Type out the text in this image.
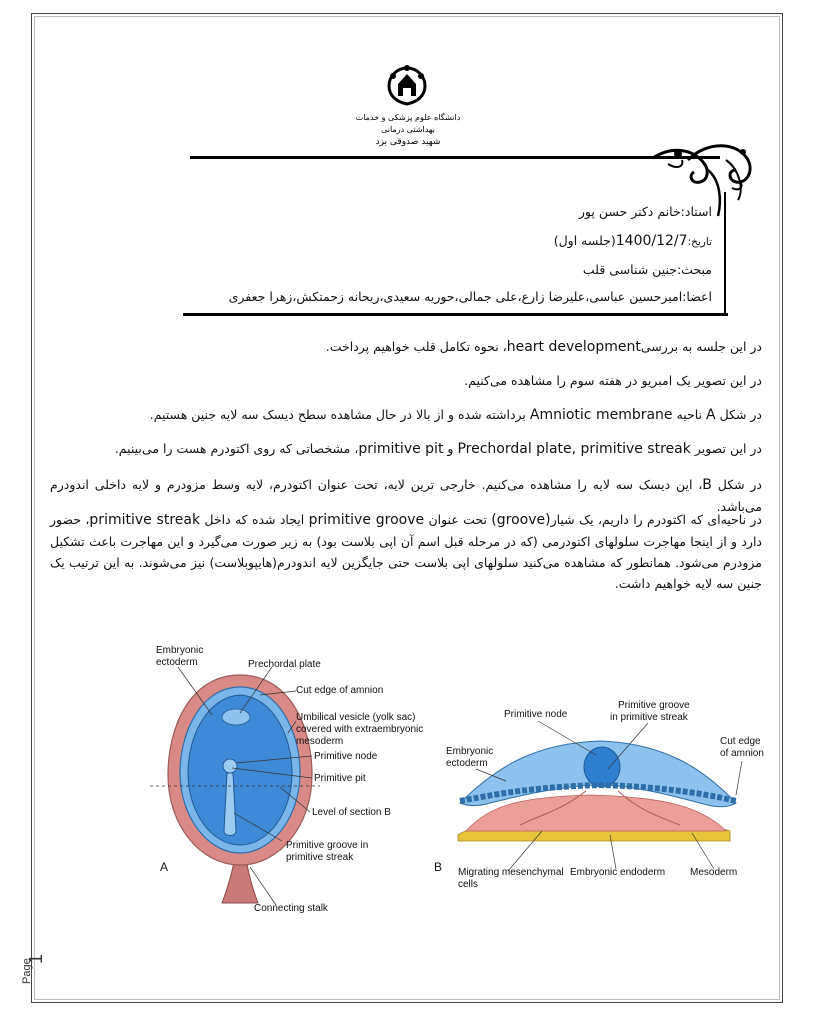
دانشگاه علوم پزشکی و خدمات بهداشتی درمانی
شهید صدوقی یزد
استاد:خانم دکتر حسن پور
تاریخ:1400/12/7(جلسه اول)
مبحث:جنین شناسی قلب
اعضا:امیرحسین عباسی،علیرضا زارع،علی جمالی،حوریه سعیدی،ریحانه زحمتکش،زهرا جعفری
در این جلسه به بررسیheart development، نحوه تکامل قلب خواهیم پرداخت.
در این تصویر یک امبریو در هفته سوم را مشاهده می‌کنیم.
در شکل A ناحیه Amniotic membrane برداشته شده و از بالا در حال مشاهده سطح دیسک سه لایه جنین هستیم.
در این تصویر Prechordal plate, primitive streak و primitive pit، مشخصاتی که روی اکتودرم هست را می‌بینیم.
در شکل B، این دیسک سه لایه را مشاهده می‌کنیم. خارجی ترین لایه، تحت عنوان اکتودرم، لایه وسط مزودرم و لایه داخلی اندودرم می‌باشد.
در ناحیه‌ای که اکتودرم را داریم، یک شیار(groove) تحت عنوان primitive groove ایجاد شده که داخل primitive streak، حضور دارد و از اینجا مهاجرت سلولهای اکتودرمی (که در مرحله قبل اسم آن اپی بلاست بود) به زیر صورت می‌گیرد و این مهاجرت باعث تشکیل مزودرم می‌شود. همانطور که مشاهده می‌کنید سلولهای اپی بلاست حتی جایگزین لایه اندودرم(هایپوبلاست) نیز می‌شوند. به این ترتیب یک جنین سه لایه خواهیم داشت.
Embryonic
ectoderm	Prechordal plate
Cut edge of amnion
Umbilical vesicle (yolk sac)
covered with extraembryonic
mesoderm
Primitive node
Primitive pit
Level of section B
Primitive groove in
primitive streak
A
Connecting stalk
Primitive node
Primitive groove
in primitive streak
Embryonic
ectoderm
Cut edge
of amnion
B Migrating mesenchymal
cells
Embryonic endoderm Mesoderm
Page
1
